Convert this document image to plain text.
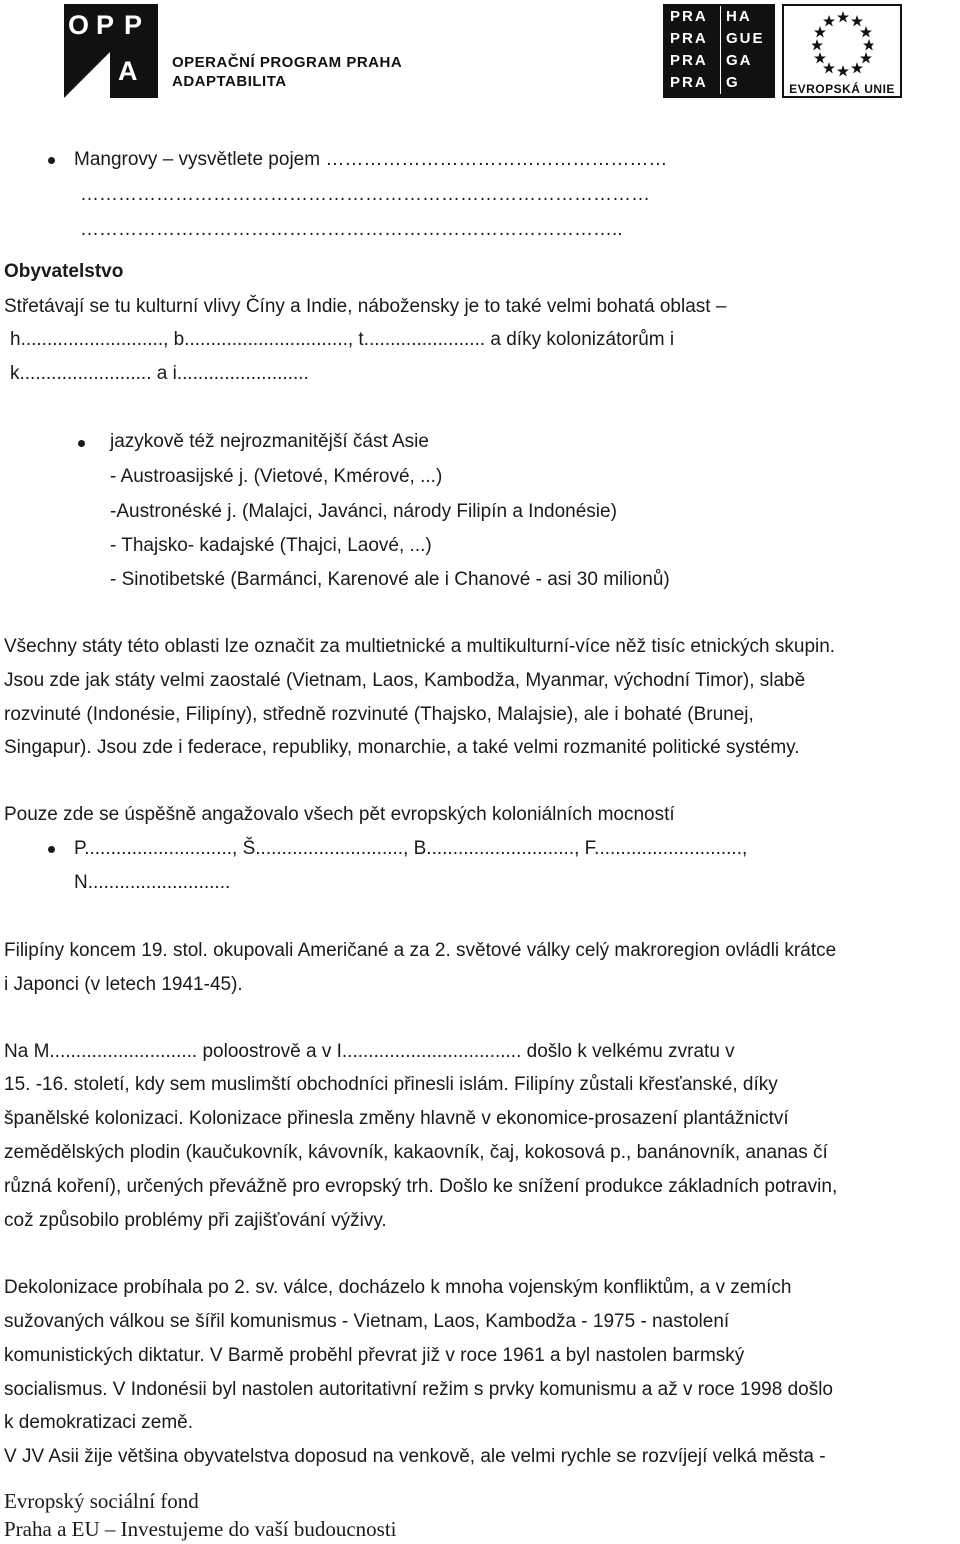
O P P
A OPERAČNÍ PROGRAM PRAHA
ADAPTABILITA
PRA
PRA
PRA
PRA
HA
GUE
GA
G	EVROPSKÁ UNIE
Mangrovy – vysvětlete pojem ………………………………………………
………………………………………………………………………………
…………………………………………………………………………..
Obyvatelstvo
Střetávají se tu kulturní vlivy Číny a Indie, nábožensky je to také velmi bohatá oblast –
h..........................., b..............................., t....................... a díky kolonizátorům i
k......................... a i.........................
jazykově též nejrozmanitější část Asie
- Austroasijské j. (Vietové, Kmérové, ...)
-Austronéské j. (Malajci, Javánci, národy Filipín a Indonésie)
- Thajsko- kadajské (Thajci, Laové, ...)
- Sinotibetské (Barmánci, Karenové ale i Chanové - asi 30 milionů)
Všechny státy této oblasti lze označit za multietnické a multikulturní-více něž tisíc etnických skupin.
Jsou zde jak státy velmi zaostalé (Vietnam, Laos, Kambodža, Myanmar, východní Timor), slabě
rozvinuté (Indonésie, Filipíny), středně rozvinuté (Thajsko, Malajsie), ale i bohaté (Brunej,
Singapur). Jsou zde i federace, republiky, monarchie, a také velmi rozmanité politické systémy.
Pouze zde se úspěšně angažovalo všech pět evropských koloniálních mocností
P............................, Š............................, B............................, F............................,
N...........................
Filipíny koncem 19. stol. okupovali Američané a za 2. světové války celý makroregion ovládli krátce
i Japonci (v letech 1941-45).
Na M............................ poloostrově a v I.................................. došlo k velkému zvratu v
15. -16. století, kdy sem muslimští obchodníci přinesli islám. Filipíny zůstali křesťanské, díky
španělské kolonizaci. Kolonizace přinesla změny hlavně v ekonomice-prosazení plantážnictví
zemědělských plodin (kaučukovník, kávovník, kakaovník, čaj, kokosová p., banánovník, ananas čí
různá koření), určených převážně pro evropský trh. Došlo ke snížení produkce základních potravin,
což způsobilo problémy při zajišťování výživy.
Dekolonizace probíhala po 2. sv. válce, docházelo k mnoha vojenským konfliktům, a v zemích
sužovaných válkou se šířil komunismus - Vietnam, Laos, Kambodža - 1975 - nastolení
komunistických diktatur. V Barmě proběhl převrat již v roce 1961 a byl nastolen barmský
socialismus. V Indonésii byl nastolen autoritativní režim s prvky komunismu a až v roce 1998 došlo
k demokratizaci země.
V JV Asii žije většina obyvatelstva doposud na venkově, ale velmi rychle se rozvíjejí velká města -
Evropský sociální fond
Praha a EU – Investujeme do vaší budoucnosti
